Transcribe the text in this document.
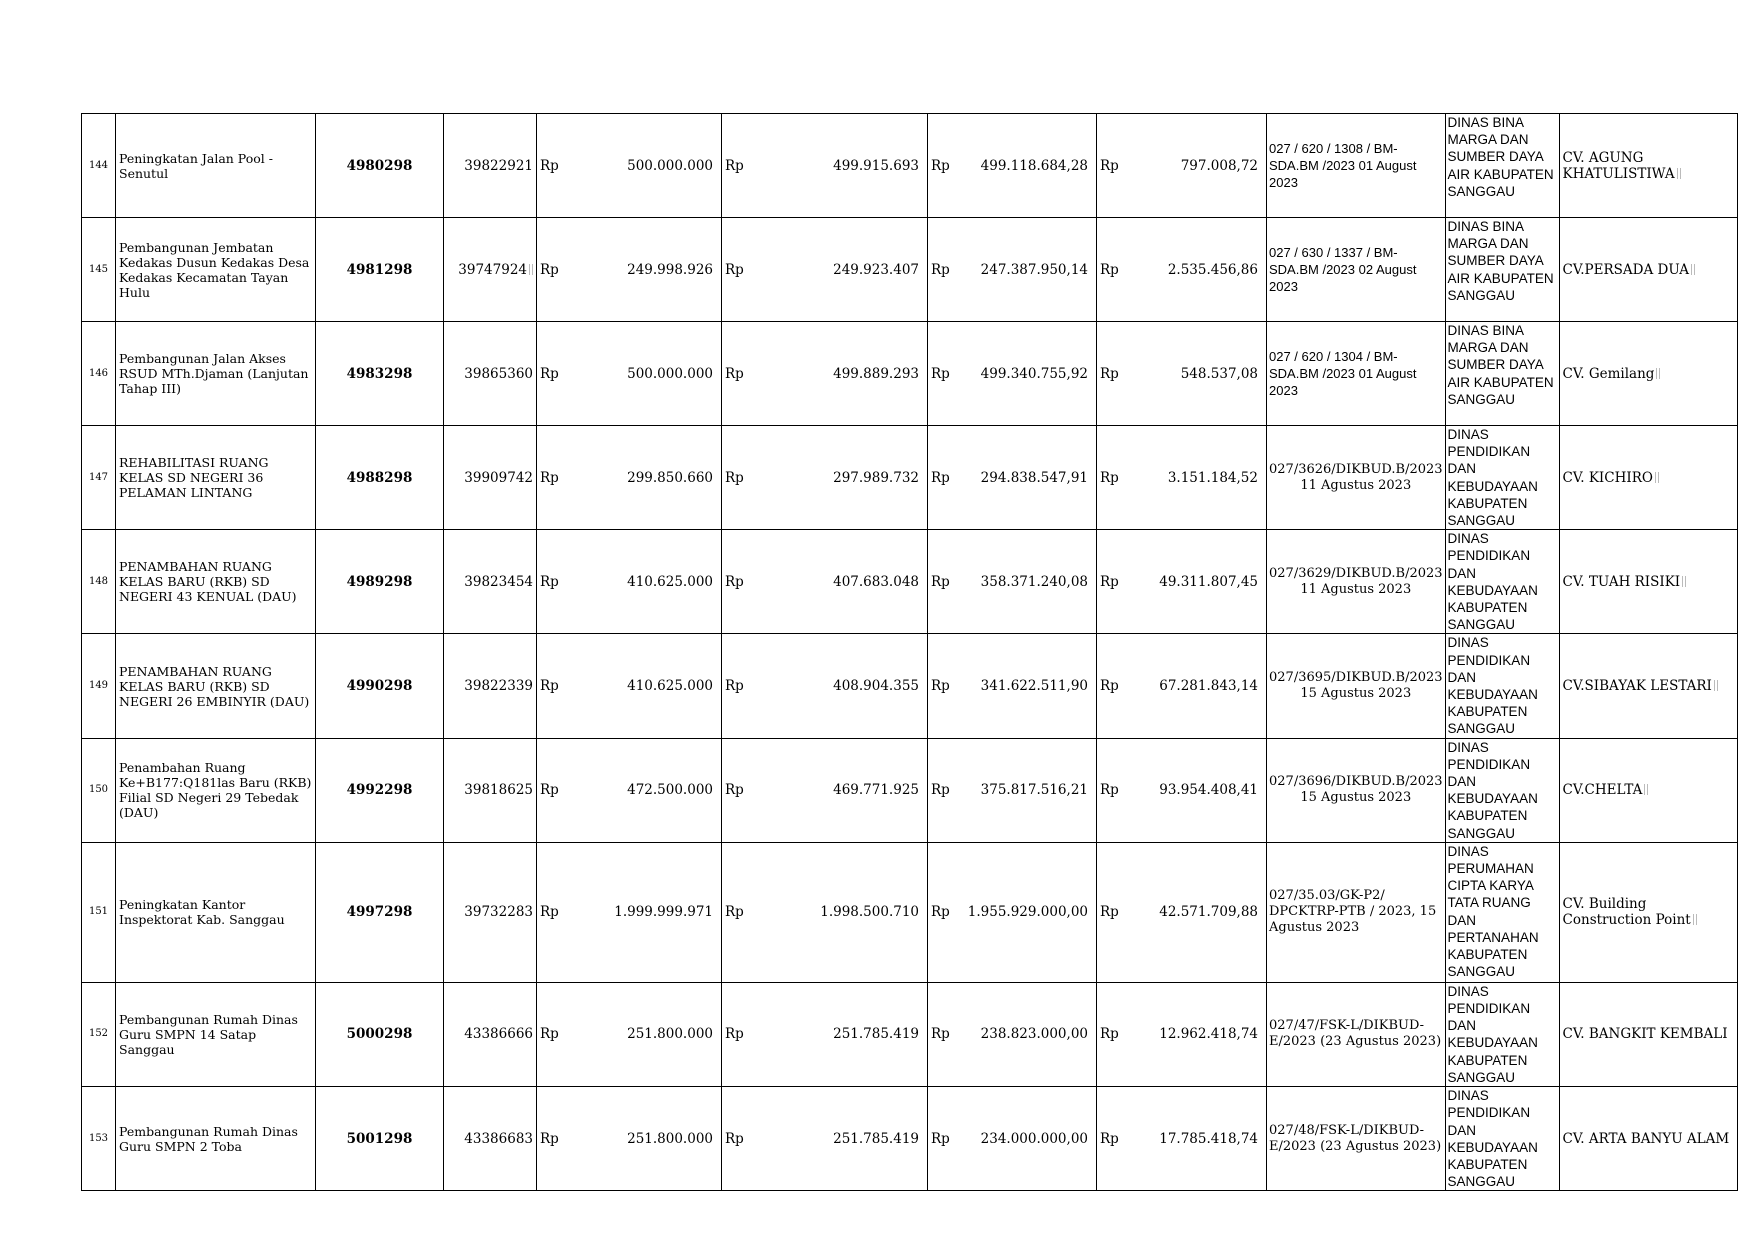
144	Peningkatan Jalan Pool - Senutul	4980298	39822921	Rp	500.000.000	Rp	499.915.693	Rp	499.118.684,28	Rp	797.008,72	027 / 620 / 1308 / BM-SDA.BM /2023 01 August 2023	DINAS BINA MARGA DAN SUMBER DAYA AIR KABUPATEN SANGGAU	CV. AGUNG KHATULISTIWA
145	Pembangunan Jembatan Kedakas Dusun Kedakas Desa Kedakas Kecamatan Tayan Hulu	4981298	39747924	Rp	249.998.926	Rp	249.923.407	Rp	247.387.950,14	Rp	2.535.456,86	027 / 630 / 1337 / BM-SDA.BM /2023 02 August 2023	DINAS BINA MARGA DAN SUMBER DAYA AIR KABUPATEN SANGGAU	CV.PERSADA DUA
146	Pembangunan Jalan Akses RSUD MTh.Djaman (Lanjutan Tahap III)	4983298	39865360	Rp	500.000.000	Rp	499.889.293	Rp	499.340.755,92	Rp	548.537,08	027 / 620 / 1304 / BM-SDA.BM /2023 01 August 2023	DINAS BINA MARGA DAN SUMBER DAYA AIR KABUPATEN SANGGAU	CV. Gemilang
147	REHABILITASI RUANG KELAS SD NEGERI 36 PELAMAN LINTANG	4988298	39909742	Rp	299.850.660	Rp	297.989.732	Rp	294.838.547,91	Rp	3.151.184,52	027/3626/DIKBUD.B/2023 11 Agustus 2023	DINAS PENDIDIKAN DAN KEBUDAYAAN KABUPATEN SANGGAU	CV. KICHIRO
148	PENAMBAHAN RUANG KELAS BARU (RKB) SD NEGERI 43 KENUAL (DAU)	4989298	39823454	Rp	410.625.000	Rp	407.683.048	Rp	358.371.240,08	Rp	49.311.807,45	027/3629/DIKBUD.B/2023 11 Agustus 2023	DINAS PENDIDIKAN DAN KEBUDAYAAN KABUPATEN SANGGAU	CV. TUAH RISIKI
149	PENAMBAHAN RUANG KELAS BARU (RKB) SD NEGERI 26 EMBINYIR (DAU)	4990298	39822339	Rp	410.625.000	Rp	408.904.355	Rp	341.622.511,90	Rp	67.281.843,14	027/3695/DIKBUD.B/2023 15 Agustus 2023	DINAS PENDIDIKAN DAN KEBUDAYAAN KABUPATEN SANGGAU	CV.SIBAYAK LESTARI
150	Penambahan Ruang Ke+B177:Q181las Baru (RKB) Filial SD Negeri 29 Tebedak (DAU)	4992298	39818625	Rp	472.500.000	Rp	469.771.925	Rp	375.817.516,21	Rp	93.954.408,41	027/3696/DIKBUD.B/2023 15 Agustus 2023	DINAS PENDIDIKAN DAN KEBUDAYAAN KABUPATEN SANGGAU	CV.CHELTA
151	Peningkatan Kantor Inspektorat Kab. Sanggau	4997298	39732283	Rp	1.999.999.971	Rp	1.998.500.710	Rp	1.955.929.000,00	Rp	42.571.709,88	027/35.03/GK-P2/ DPCKTRP-PTB / 2023, 15 Agustus 2023	DINAS PERUMAHAN CIPTA KARYA TATA RUANG DAN PERTANAHAN KABUPATEN SANGGAU	CV. Building Construction Point
152	Pembangunan Rumah Dinas Guru SMPN 14 Satap Sanggau	5000298	43386666	Rp	251.800.000	Rp	251.785.419	Rp	238.823.000,00	Rp	12.962.418,74	027/47/FSK-L/DIKBUD-E/2023 (23 Agustus 2023)	DINAS PENDIDIKAN DAN KEBUDAYAAN KABUPATEN SANGGAU	CV. BANGKIT KEMBALI
153	Pembangunan Rumah Dinas Guru SMPN 2 Toba	5001298	43386683	Rp	251.800.000	Rp	251.785.419	Rp	234.000.000,00	Rp	17.785.418,74	027/48/FSK-L/DIKBUD-E/2023 (23 Agustus 2023)	DINAS PENDIDIKAN DAN KEBUDAYAAN KABUPATEN SANGGAU	CV. ARTA BANYU ALAM
